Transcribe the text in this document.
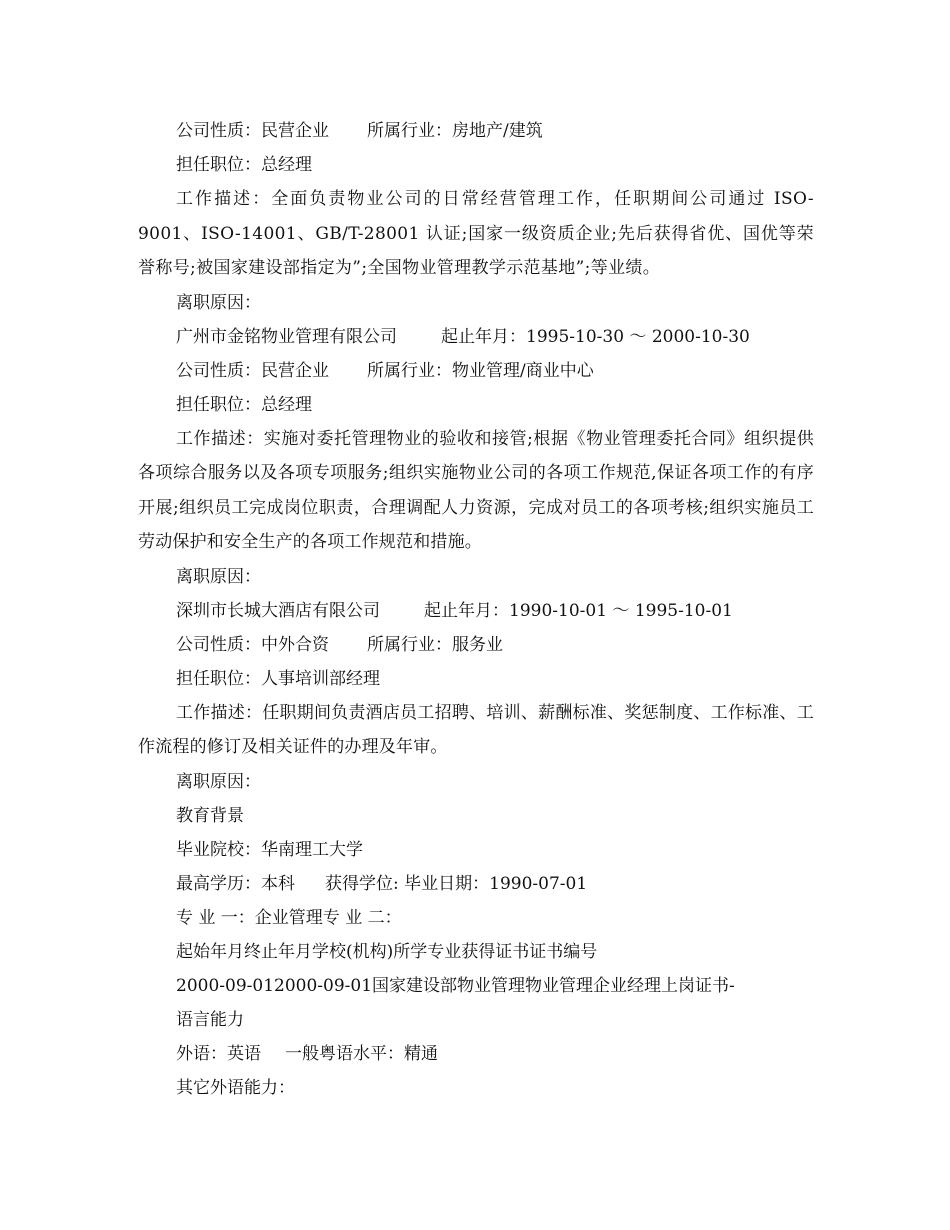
公司性质：民营企业 所属行业：房地产/建筑

担任职位：总经理

工作描述：全面负责物业公司的日常经营管理工作，任职期间公司通过 ISO-9001、ISO-14001、GB/T-28001 认证;国家一级资质企业;先后获得省优、国优等荣誉称号;被国家建设部指定为”;全国物业管理教学示范基地”;等业绩。

离职原因：

广州市金铭物业管理有限公司	起止年月：1995-10-30 ～ 2000-10-30

公司性质：民营企业 所属行业：物业管理/商业中心

担任职位：总经理

工作描述：实施对委托管理物业的验收和接管;根据《物业管理委托合同》组织提供各项综合服务以及各项专项服务;组织实施物业公司的各项工作规范,保证各项工作的有序开展;组织员工完成岗位职责，合理调配人力资源，完成对员工的各项考核;组织实施员工劳动保护和安全生产的各项工作规范和措施。

离职原因：

深圳市长城大酒店有限公司	起止年月：1990-10-01 ～ 1995-10-01

公司性质：中外合资 所属行业：服务业

担任职位：人事培训部经理

工作描述：任职期间负责酒店员工招聘、培训、薪酬标准、奖惩制度、工作标准、工作流程的修订及相关证件的办理及年审。

离职原因：

教育背景

毕业院校：华南理工大学

最高学历：本科 获得学位: 毕业日期：1990-07-01

专 业 一：企业管理专 业 二：

起始年月终止年月学校(机构)所学专业获得证书证书编号

2000-09-012000-09-01国家建设部物业管理物业管理企业经理上岗证书-

语言能力

外语：英语 一般粤语水平：精通

其它外语能力：
